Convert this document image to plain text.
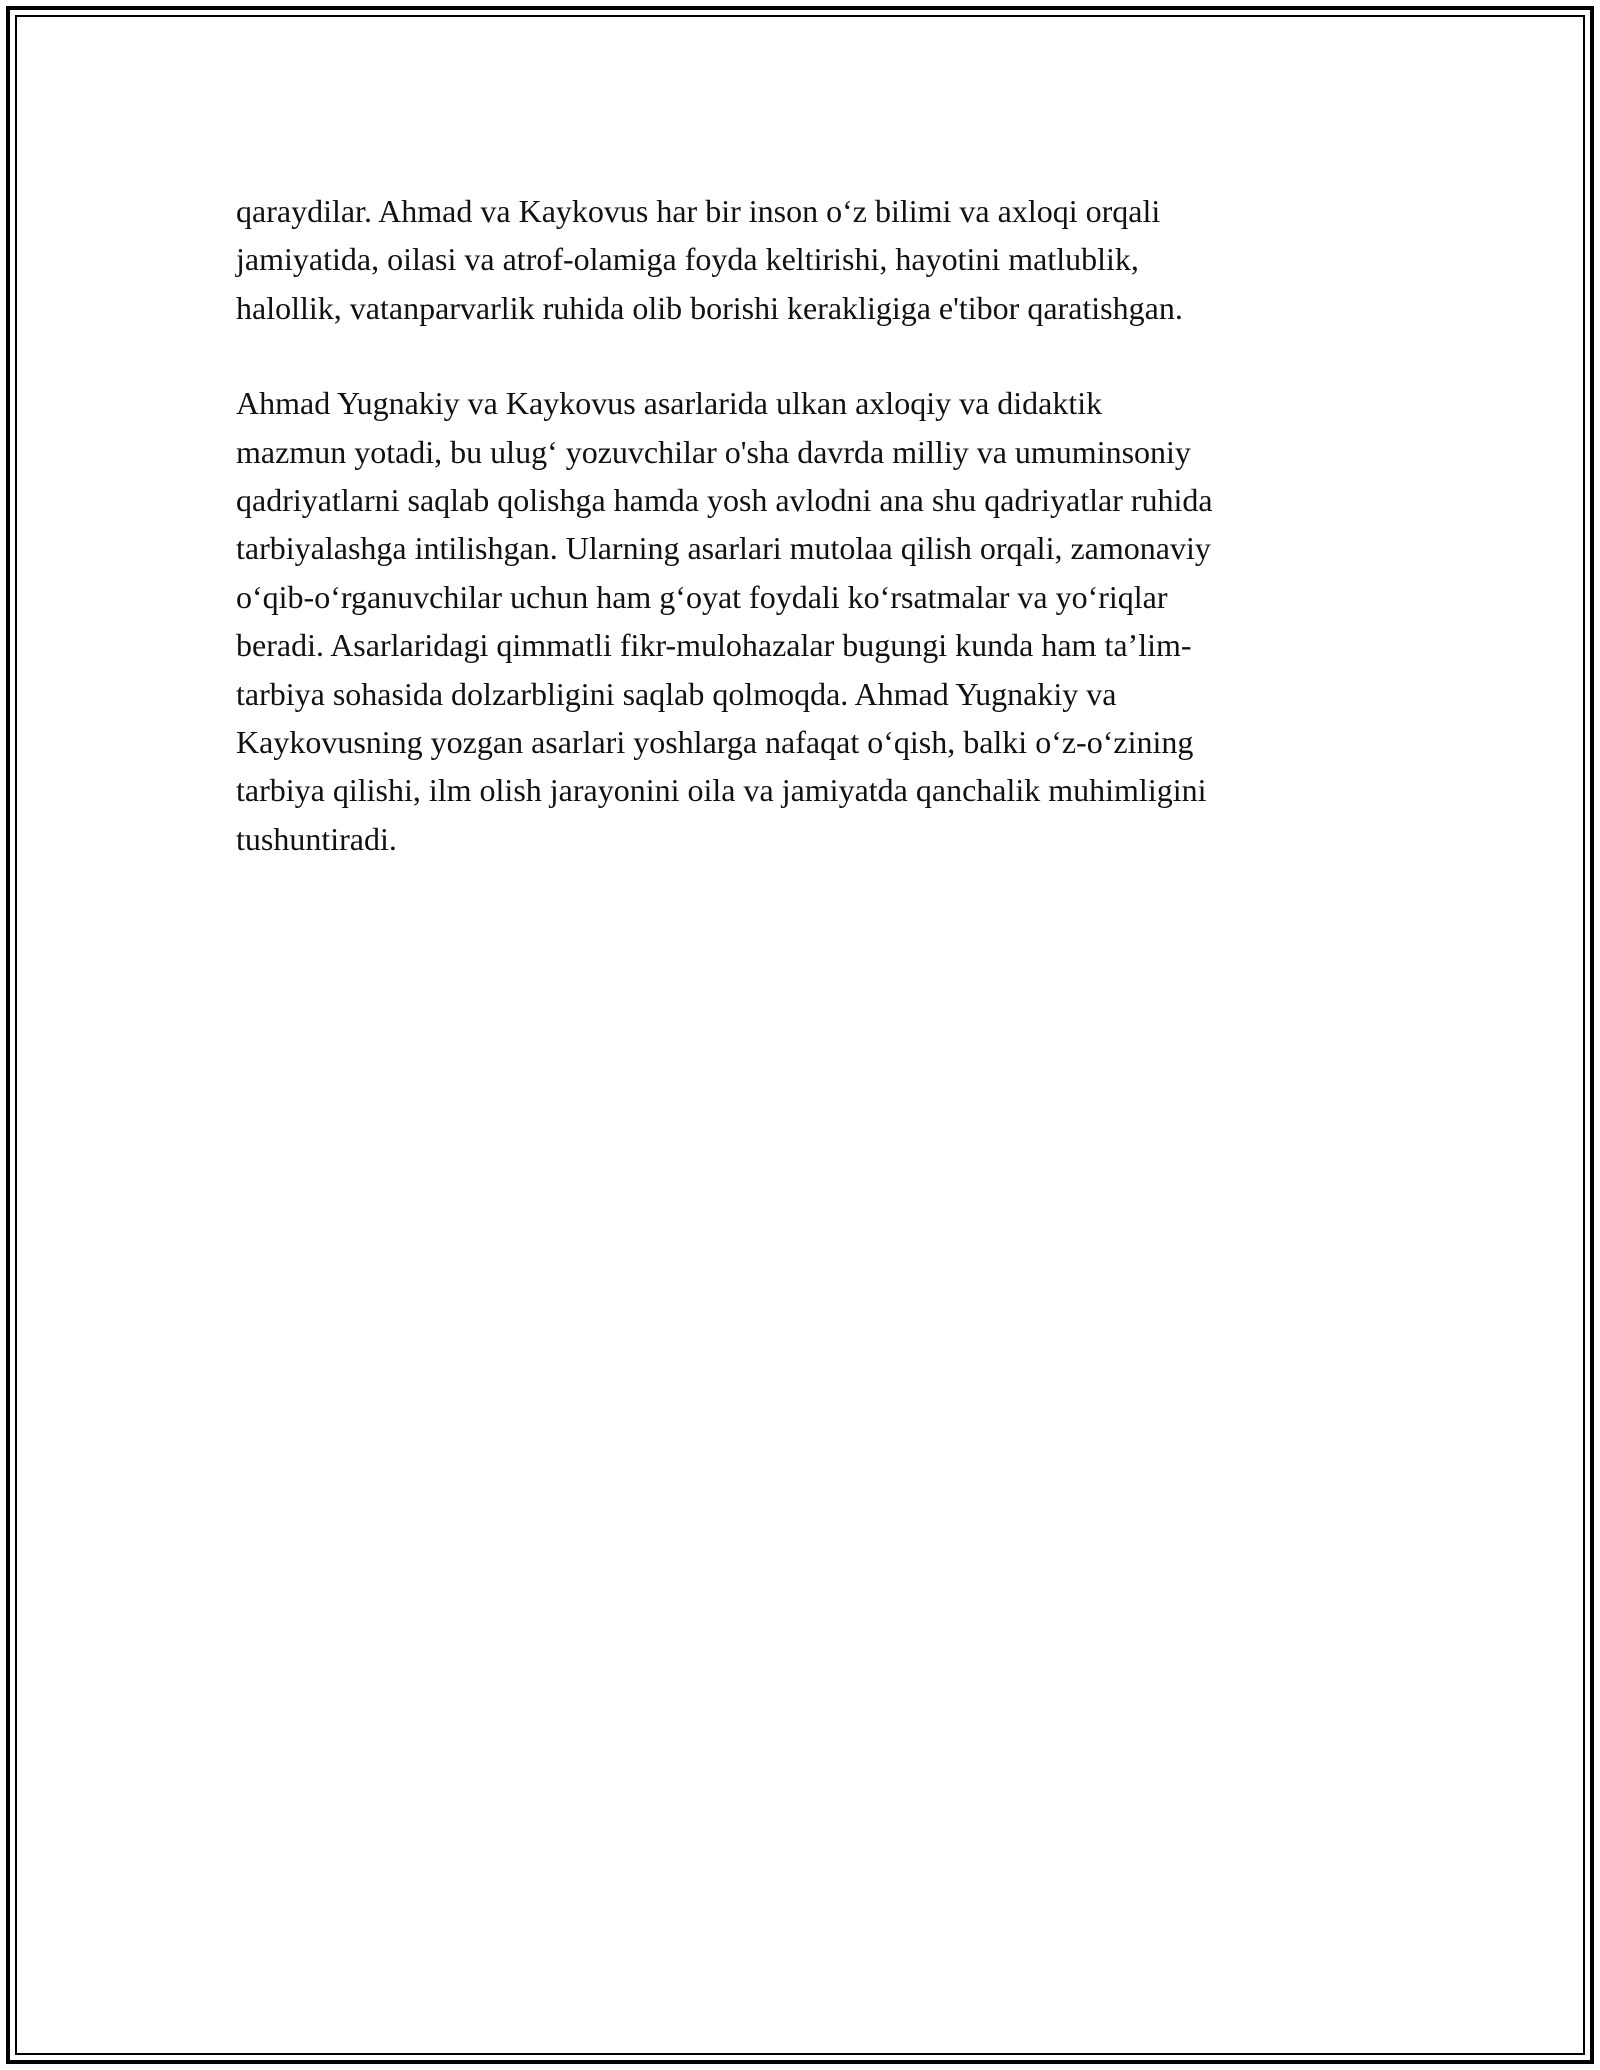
qaraydilar. Ahmad va Kaykovus har bir inson o‘z bilimi va axloqi orqali
jamiyatida, oilasi va atrof-olamiga foyda keltirishi, hayotini matlublik,
halollik, vatanparvarlik ruhida olib borishi kerakligiga e'tibor qaratishgan.

Ahmad Yugnakiy va Kaykovus asarlarida ulkan axloqiy va didaktik
mazmun yotadi, bu ulug‘ yozuvchilar o'sha davrda milliy va umuminsoniy
qadriyatlarni saqlab qolishga hamda yosh avlodni ana shu qadriyatlar ruhida
tarbiyalashga intilishgan. Ularning asarlari mutolaa qilish orqali, zamonaviy
o‘qib-o‘rganuvchilar uchun ham g‘oyat foydali ko‘rsatmalar va yo‘riqlar
beradi. Asarlaridagi qimmatli fikr-mulohazalar bugungi kunda ham ta’lim-
tarbiya sohasida dolzarbligini saqlab qolmoqda. Ahmad Yugnakiy va
Kaykovusning yozgan asarlari yoshlarga nafaqat o‘qish, balki o‘z-o‘zining
tarbiya qilishi, ilm olish jarayonini oila va jamiyatda qanchalik muhimligini
tushuntiradi.
